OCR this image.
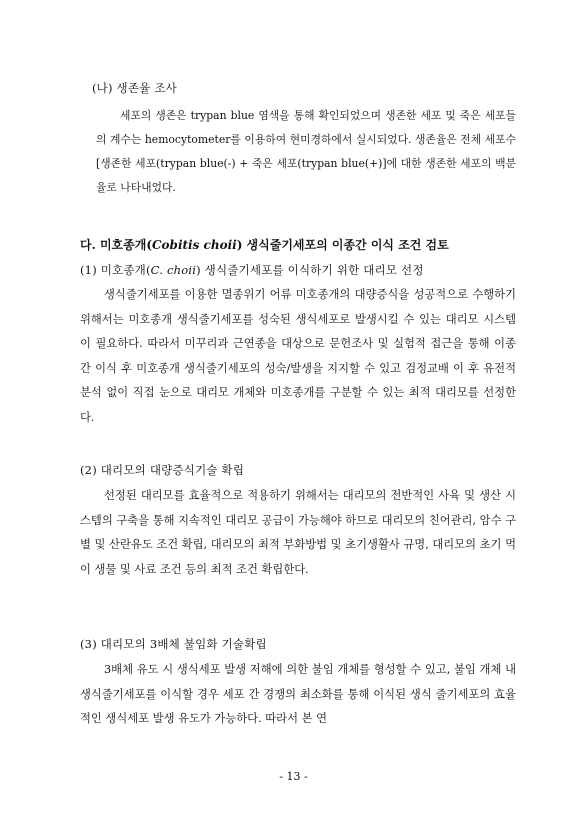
(나) 생존율 조사
세포의 생존은 trypan blue 염색을 통해 확인되었으며 생존한 세포 및 죽은 세포들의 계수는 hemocytometer를 이용하여 현미경하에서 실시되었다. 생존율은 전체 세포수[생존한 세포(trypan blue(-) + 죽은 세포(trypan blue(+)]에 대한 생존한 세포의 백분율로 나타내었다.
다. 미호종개(Cobitis choii) 생식줄기세포의 이종간 이식 조건 검토
(1) 미호종개(C. choii) 생식줄기세포를 이식하기 위한 대리모 선정
생식줄기세포를 이용한 멸종위기 어류 미호종개의 대량증식을 성공적으로 수행하기 위해서는 미호종개 생식줄기세포를 성숙된 생식세포로 발생시킬 수 있는 대리모 시스템이 필요하다. 따라서 미꾸리과 근연종을 대상으로 문헌조사 및 실험적 접근을 통해 이종 간 이식 후 미호종개 생식줄기세포의 성숙/발생을 지지할 수 있고 검정교배 이 후 유전적 분석 없이 직접 눈으로 대리모 개체와 미호종개를 구분할 수 있는 최적 대리모를 선정한다.
(2) 대리모의 대량증식기술 확립
선정된 대리모를 효율적으로 적용하기 위해서는 대리모의 전반적인 사육 및 생산 시스템의 구축을 통해 지속적인 대리모 공급이 가능해야 하므로 대리모의 친어관리, 암수 구별 및 산란유도 조건 확립, 대리모의 최적 부화방법 및 초기생활사 규명, 대리모의 초기 먹이 생물 및 사료 조건 등의 최적 조건 확립한다.
(3) 대리모의 3배체 불임화 기술확립
3배체 유도 시 생식세포 발생 저해에 의한 불임 개체를 형성할 수 있고, 불임 개체 내 생식줄기세포를 이식할 경우 세포 간 경쟁의 최소화를 통해 이식된 생식 줄기세포의 효율적인 생식세포 발생 유도가 가능하다. 따라서 본 연
- 13 -
